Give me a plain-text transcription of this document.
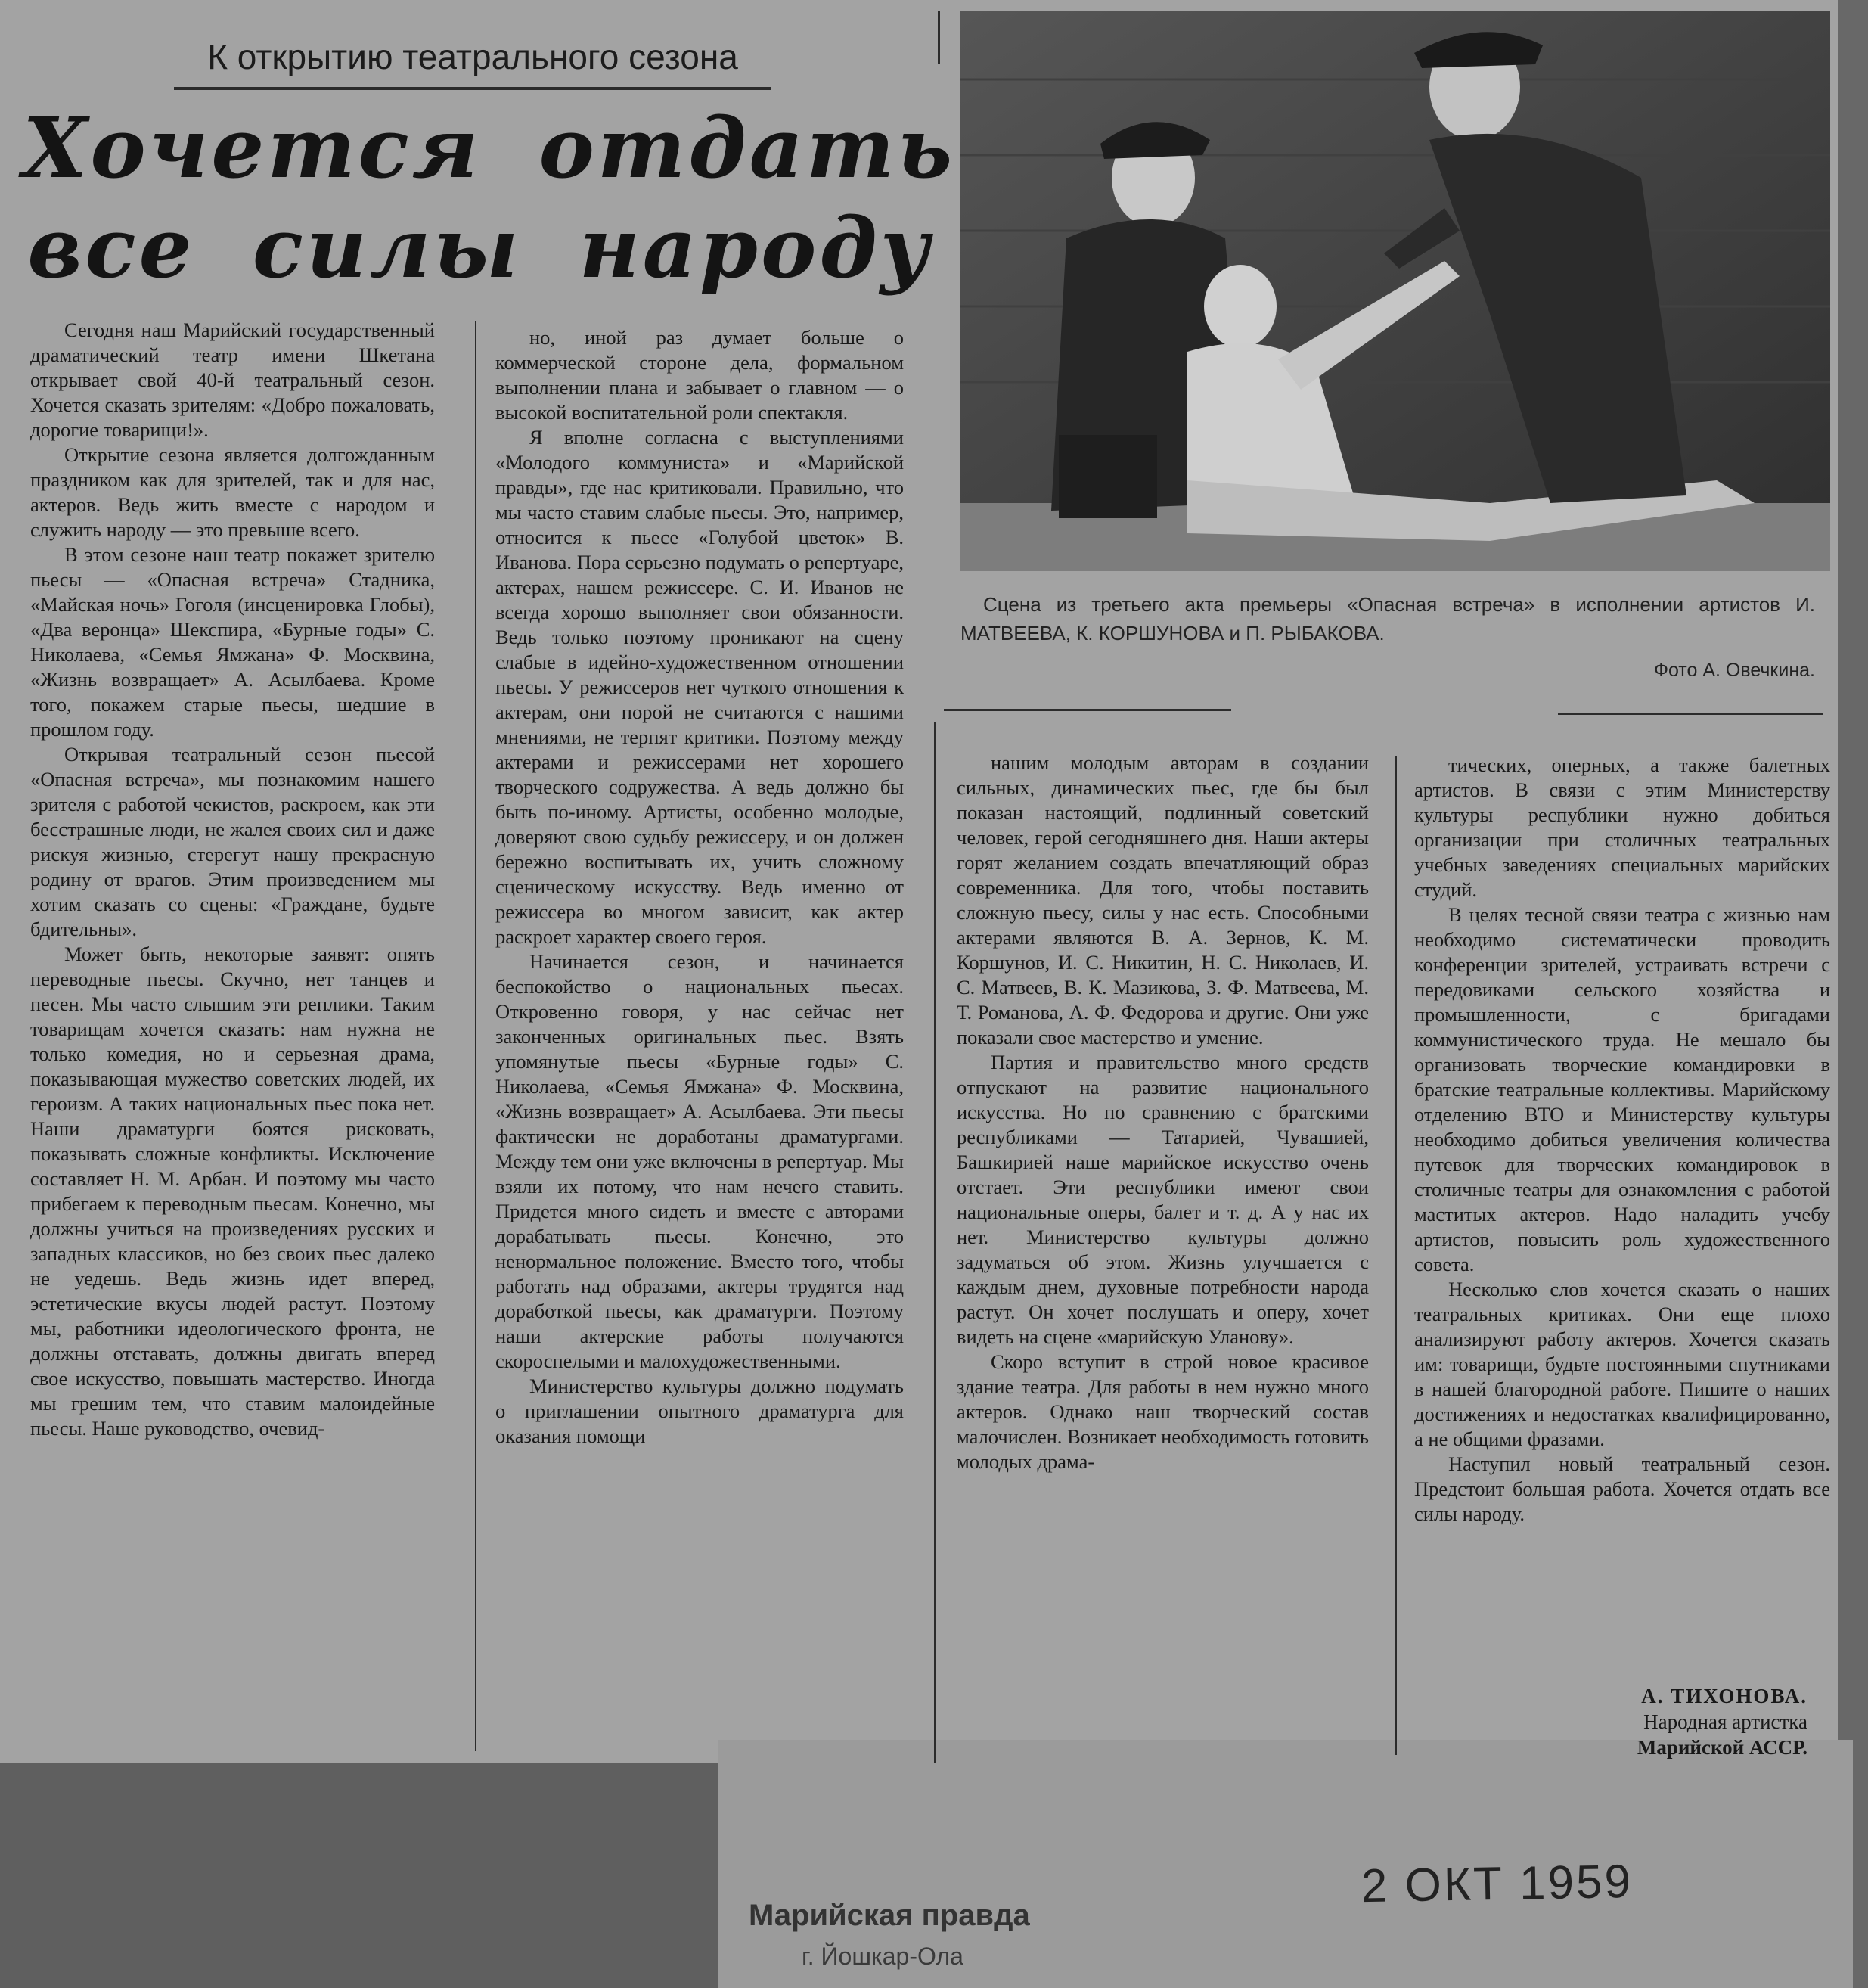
К открытию театрального сезона
Хочется отдать
все силы народу
Сцена из третьего акта премьеры «Опасная встреча» в исполнении артистов И. МАТВЕЕВА, К. КОРШУНОВА и П. РЫБАКОВА.
Фото А. Овечкина.

Сегодня наш Марийский государственный драматический театр имени Шкетана открывает свой 40-й театральный сезон. Хочется сказать зрителям: «Добро пожаловать, дорогие товарищи!».

Открытие сезона является долгожданным праздником как для зрителей, так и для нас, актеров. Ведь жить вместе с народом и служить народу — это превыше всего.

В этом сезоне наш театр покажет зрителю пьесы — «Опасная встреча» Стадника, «Майская ночь» Гоголя (инсценировка Глобы), «Два веронца» Шекспира, «Бурные годы» С. Николаева, «Семья Ямжана» Ф. Москвина, «Жизнь возвращает» А. Асылбаева. Кроме того, покажем старые пьесы, шедшие в прошлом году.

Открывая театральный сезон пьесой «Опасная встреча», мы познакомим нашего зрителя с работой чекистов, раскроем, как эти бесстрашные люди, не жалея своих сил и даже рискуя жизнью, стерегут нашу прекрасную родину от врагов. Этим произведением мы хотим сказать со сцены: «Граждане, будьте бдительны».

Может быть, некоторые заявят: опять переводные пьесы. Скучно, нет танцев и песен. Мы часто слышим эти реплики. Таким товарищам хочется сказать: нам нужна не только комедия, но и серьезная драма, показывающая мужество советских людей, их героизм. А таких национальных пьес пока нет. Наши драматурги боятся рисковать, показывать сложные конфликты. Исключение составляет Н. М. Арбан. И поэтому мы часто прибегаем к переводным пьесам. Конечно, мы должны учиться на произведениях русских и западных классиков, но без своих пьес далеко не уедешь. Ведь жизнь идет вперед, эстетические вкусы людей растут. Поэтому мы, работники идеологического фронта, не должны отставать, должны двигать вперед свое искусство, повышать мастерство. Иногда мы грешим тем, что ставим малоидейные пьесы. Наше руководство, очевид-

но, иной раз думает больше о коммерческой стороне дела, формальном выполнении плана и забывает о главном — о высокой воспитательной роли спектакля.

Я вполне согласна с выступлениями «Молодого коммуниста» и «Марийской правды», где нас критиковали. Правильно, что мы часто ставим слабые пьесы. Это, например, относится к пьесе «Голубой цветок» В. Иванова. Пора серьезно подумать о репертуаре, актерах, нашем режиссере. С. И. Иванов не всегда хорошо выполняет свои обязанности. Ведь только поэтому проникают на сцену слабые в идейно-художественном отношении пьесы. У режиссеров нет чуткого отношения к актерам, они порой не считаются с нашими мнениями, не терпят критики. Поэтому между актерами и режиссерами нет хорошего творческого содружества. А ведь должно бы быть по-иному. Артисты, особенно молодые, доверяют свою судьбу режиссеру, и он должен бережно воспитывать их, учить сложному сценическому искусству. Ведь именно от режиссера во многом зависит, как актер раскроет характер своего героя.

Начинается сезон, и начинается беспокойство о национальных пьесах. Откровенно говоря, у нас сейчас нет законченных оригинальных пьес. Взять упомянутые пьесы «Бурные годы» С. Николаева, «Семья Ямжана» Ф. Москвина, «Жизнь возвращает» А. Асылбаева. Эти пьесы фактически не доработаны драматургами. Между тем они уже включены в репертуар. Мы взяли их потому, что нам нечего ставить. Придется много сидеть и вместе с авторами дорабатывать пьесы. Конечно, это ненормальное положение. Вместо того, чтобы работать над образами, актеры трудятся над доработкой пьесы, как драматурги. Поэтому наши актерские работы получаются скороспелыми и малохудожественными.

Министерство культуры должно подумать о приглашении опытного драматурга для оказания помощи

нашим молодым авторам в создании сильных, динамических пьес, где бы был показан настоящий, подлинный советский человек, герой сегодняшнего дня. Наши актеры горят желанием создать впечатляющий образ современника. Для того, чтобы поставить сложную пьесу, силы у нас есть. Способными актерами являются В. А. Зернов, К. М. Коршунов, И. С. Никитин, Н. С. Николаев, И. С. Матвеев, В. К. Мазикова, З. Ф. Матвеева, М. Т. Романова, А. Ф. Федорова и другие. Они уже показали свое мастерство и умение.

Партия и правительство много средств отпускают на развитие национального искусства. Но по сравнению с братскими республиками — Татарией, Чувашией, Башкирией наше марийское искусство очень отстает. Эти республики имеют свои национальные оперы, балет и т. д. А у нас их нет. Министерство культуры должно задуматься об этом. Жизнь улучшается с каждым днем, духовные потребности народа растут. Он хочет послушать и оперу, хочет видеть на сцене «марийскую Уланову».

Скоро вступит в строй новое красивое здание театра. Для работы в нем нужно много актеров. Однако наш творческий состав малочислен. Возникает необходимость готовить молодых драма-

тических, оперных, а также балетных артистов. В связи с этим Министерству культуры республики нужно добиться организации при столичных театральных учебных заведениях специальных марийских студий.

В целях тесной связи театра с жизнью нам необходимо систематически проводить конференции зрителей, устраивать встречи с передовиками сельского хозяйства и промышленности, с бригадами коммунистического труда. Не мешало бы организовать творческие командировки в братские театральные коллективы. Марийскому отделению ВТО и Министерству культуры необходимо добиться увеличения количества путевок для творческих командировок в столичные театры для ознакомления с работой маститых актеров. Надо наладить учебу артистов, повысить роль художественного совета.

Несколько слов хочется сказать о наших театральных критиках. Они еще плохо анализируют работу актеров. Хочется сказать им: товарищи, будьте постоянными спутниками в нашей благородной работе. Пишите о наших достижениях и недостатках квалифицированно, а не общими фразами.

Наступил новый театральный сезон. Предстоит большая работа. Хочется отдать все силы народу.

А. ТИХОНОВА.
Народная артистка
Марийской АССР.
2 ОКТ 1959
Марийская правда
г. Йошкар-Ола
